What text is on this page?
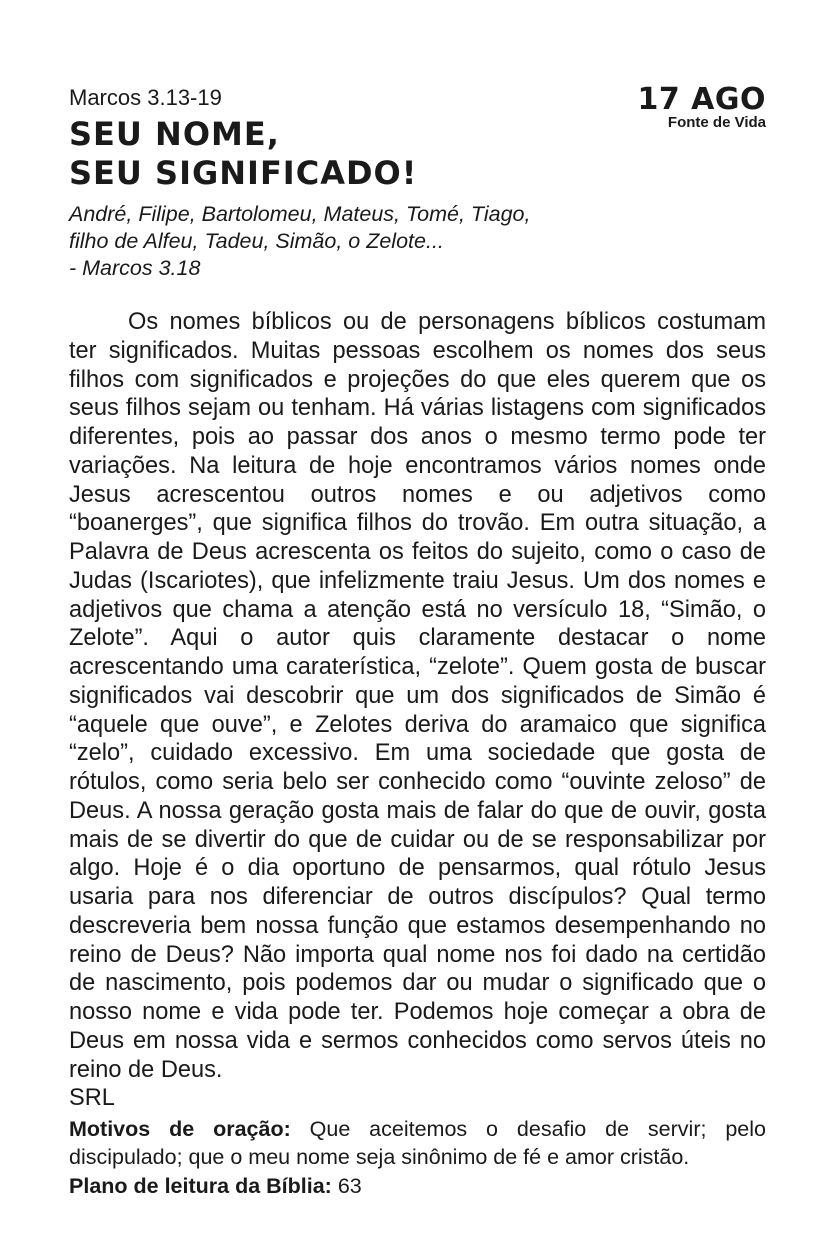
17 AGO
Fonte de Vida
Marcos 3.13-19
SEU NOME,
SEU SIGNIFICADO!
André, Filipe, Bartolomeu, Mateus, Tomé, Tiago,
filho de Alfeu, Tadeu, Simão, o Zelote...
- Marcos 3.18
Os nomes bíblicos ou de personagens bíblicos costumam ter significados. Muitas pessoas escolhem os nomes dos seus filhos com significados e projeções do que eles querem que os seus filhos sejam ou tenham. Há várias listagens com significados diferentes, pois ao passar dos anos o mesmo termo pode ter variações. Na leitura de hoje encontramos vários nomes onde Jesus acrescentou outros nomes e ou adjetivos como “boanerges”, que significa filhos do trovão. Em outra situação, a Palavra de Deus acrescenta os feitos do sujeito, como o caso de Judas (Iscariotes), que infelizmente traiu Jesus. Um dos nomes e adjetivos que chama a atenção está no versículo 18, “Simão, o Zelote”. Aqui o autor quis claramente destacar o nome acrescentando uma caraterística, “zelote”. Quem gosta de buscar significados vai descobrir que um dos significados de Simão é “aquele que ouve”, e Zelotes deriva do aramaico que significa “zelo”, cuidado excessivo. Em uma sociedade que gosta de rótulos, como seria belo ser conhecido como “ouvinte zeloso” de Deus. A nossa geração gosta mais de falar do que de ouvir, gosta mais de se divertir do que de cuidar ou de se responsabilizar por algo. Hoje é o dia oportuno de pensarmos, qual rótulo Jesus usaria para nos diferenciar de outros discípulos? Qual termo descreveria bem nossa função que estamos desempenhando no reino de Deus? Não importa qual nome nos foi dado na certidão de nascimento, pois podemos dar ou mudar o significado que o nosso nome e vida pode ter. Podemos hoje começar a obra de Deus em nossa vida e sermos conhecidos como servos úteis no reino de Deus.
SRL
Motivos de oração: Que aceitemos o desafio de servir; pelo discipulado; que o meu nome seja sinônimo de fé e amor cristão.
Plano de leitura da Bíblia: 63
